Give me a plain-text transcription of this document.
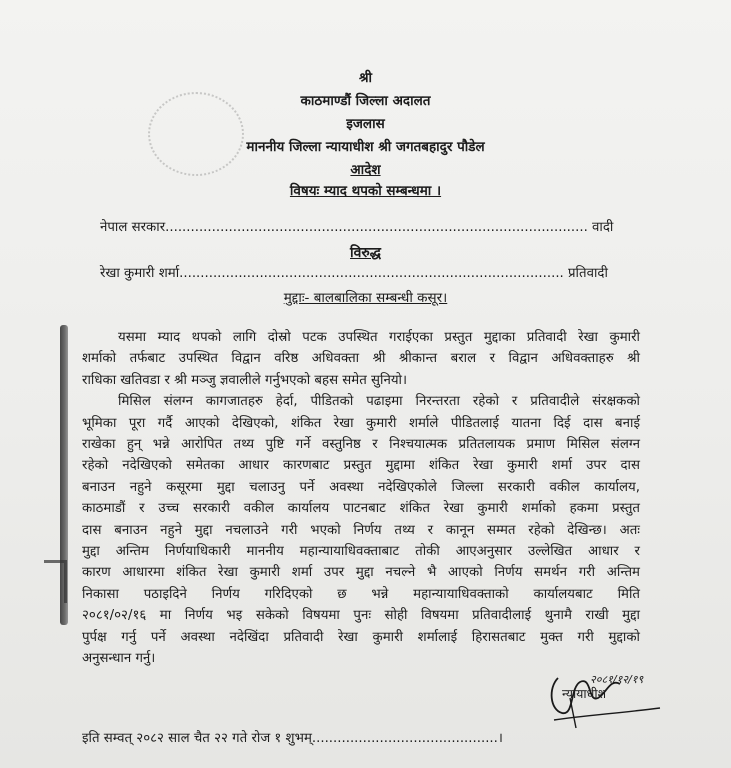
श्री
काठमाण्डौं जिल्ला अदालत
इजलास
माननीय जिल्ला न्यायाधीश श्री जगतबहादुर पौडेल
आदेश
विषयः म्याद थपको सम्बन्धमा ।
नेपाल सरकार.................................................................................................... वादी
विरुद्ध
रेखा कुमारी शर्मा........................................................................................... प्रतिवादी
मुद्दाः- बालबालिका सम्बन्धी कसूर।

यसमा म्याद थपको लागि दोस्रो पटक उपस्थित गराईएका प्रस्तुत मुद्दाका प्रतिवादी रेखा कुमारी

शर्माको तर्फबाट उपस्थित विद्वान वरिष्ठ अधिवक्ता श्री श्रीकान्त बराल र विद्वान अधिवक्ताहरु श्री

राधिका खतिवडा र श्री मञ्जु ज्ञवालीले गर्नुभएको बहस समेत सुनियो।

मिसिल संलग्न कागजातहरु हेर्दा, पीडितको पढाइमा निरन्तरता रहेको र प्रतिवादीले संरक्षकको

भूमिका पूरा गर्दै आएको देखिएको, शंकित रेखा कुमारी शर्माले पीडितलाई यातना दिई दास बनाई

राखेका हुन् भन्ने आरोपित तथ्य पुष्टि गर्ने वस्तुनिष्ठ र निश्चयात्मक प्रतितलायक प्रमाण मिसिल संलग्न

रहेको नदेखिएको समेतका आधार कारणबाट प्रस्तुत मुद्दामा शंकित रेखा कुमारी शर्मा उपर दास

बनाउन नहुने कसूरमा मुद्दा चलाउनु पर्ने अवस्था नदेखिएकोले जिल्ला सरकारी वकील कार्यालय,

काठमाडौं र उच्च सरकारी वकील कार्यालय पाटनबाट शंकित रेखा कुमारी शर्माको हकमा प्रस्तुत

दास बनाउन नहुने मुद्दा नचलाउने गरी भएको निर्णय तथ्य र कानून सम्मत रहेको देखिन्छ। अतः

मुद्दा अन्तिम निर्णयाधिकारी माननीय महान्यायाधिवक्ताबाट तोकी आएअनुसार उल्लेखित आधार र

कारण आधारमा शंकित रेखा कुमारी शर्मा उपर मुद्दा नचल्ने भै आएको निर्णय समर्थन गरी अन्तिम

निकासा पठाइदिने निर्णय गरिदिएको छ भन्ने महान्यायाधिवक्ताको कार्यालयबाट मिति

२०८१/०२/१६ मा निर्णय भइ सकेको विषयमा पुनः सोही विषयमा प्रतिवादीलाई थुनामै राखी मुद्दा

पुर्पक्ष गर्नु पर्ने अवस्था नदेखिंदा प्रतिवादी रेखा कुमारी शर्मालाई हिरासतबाट मुक्त गरी मुद्दाको

अनुसन्धान गर्नु।

२०८१/१२/१९
न्यायाधीश
इति सम्वत् २०८२ साल चैत २२ गते रोज १ शुभम्............................................।
